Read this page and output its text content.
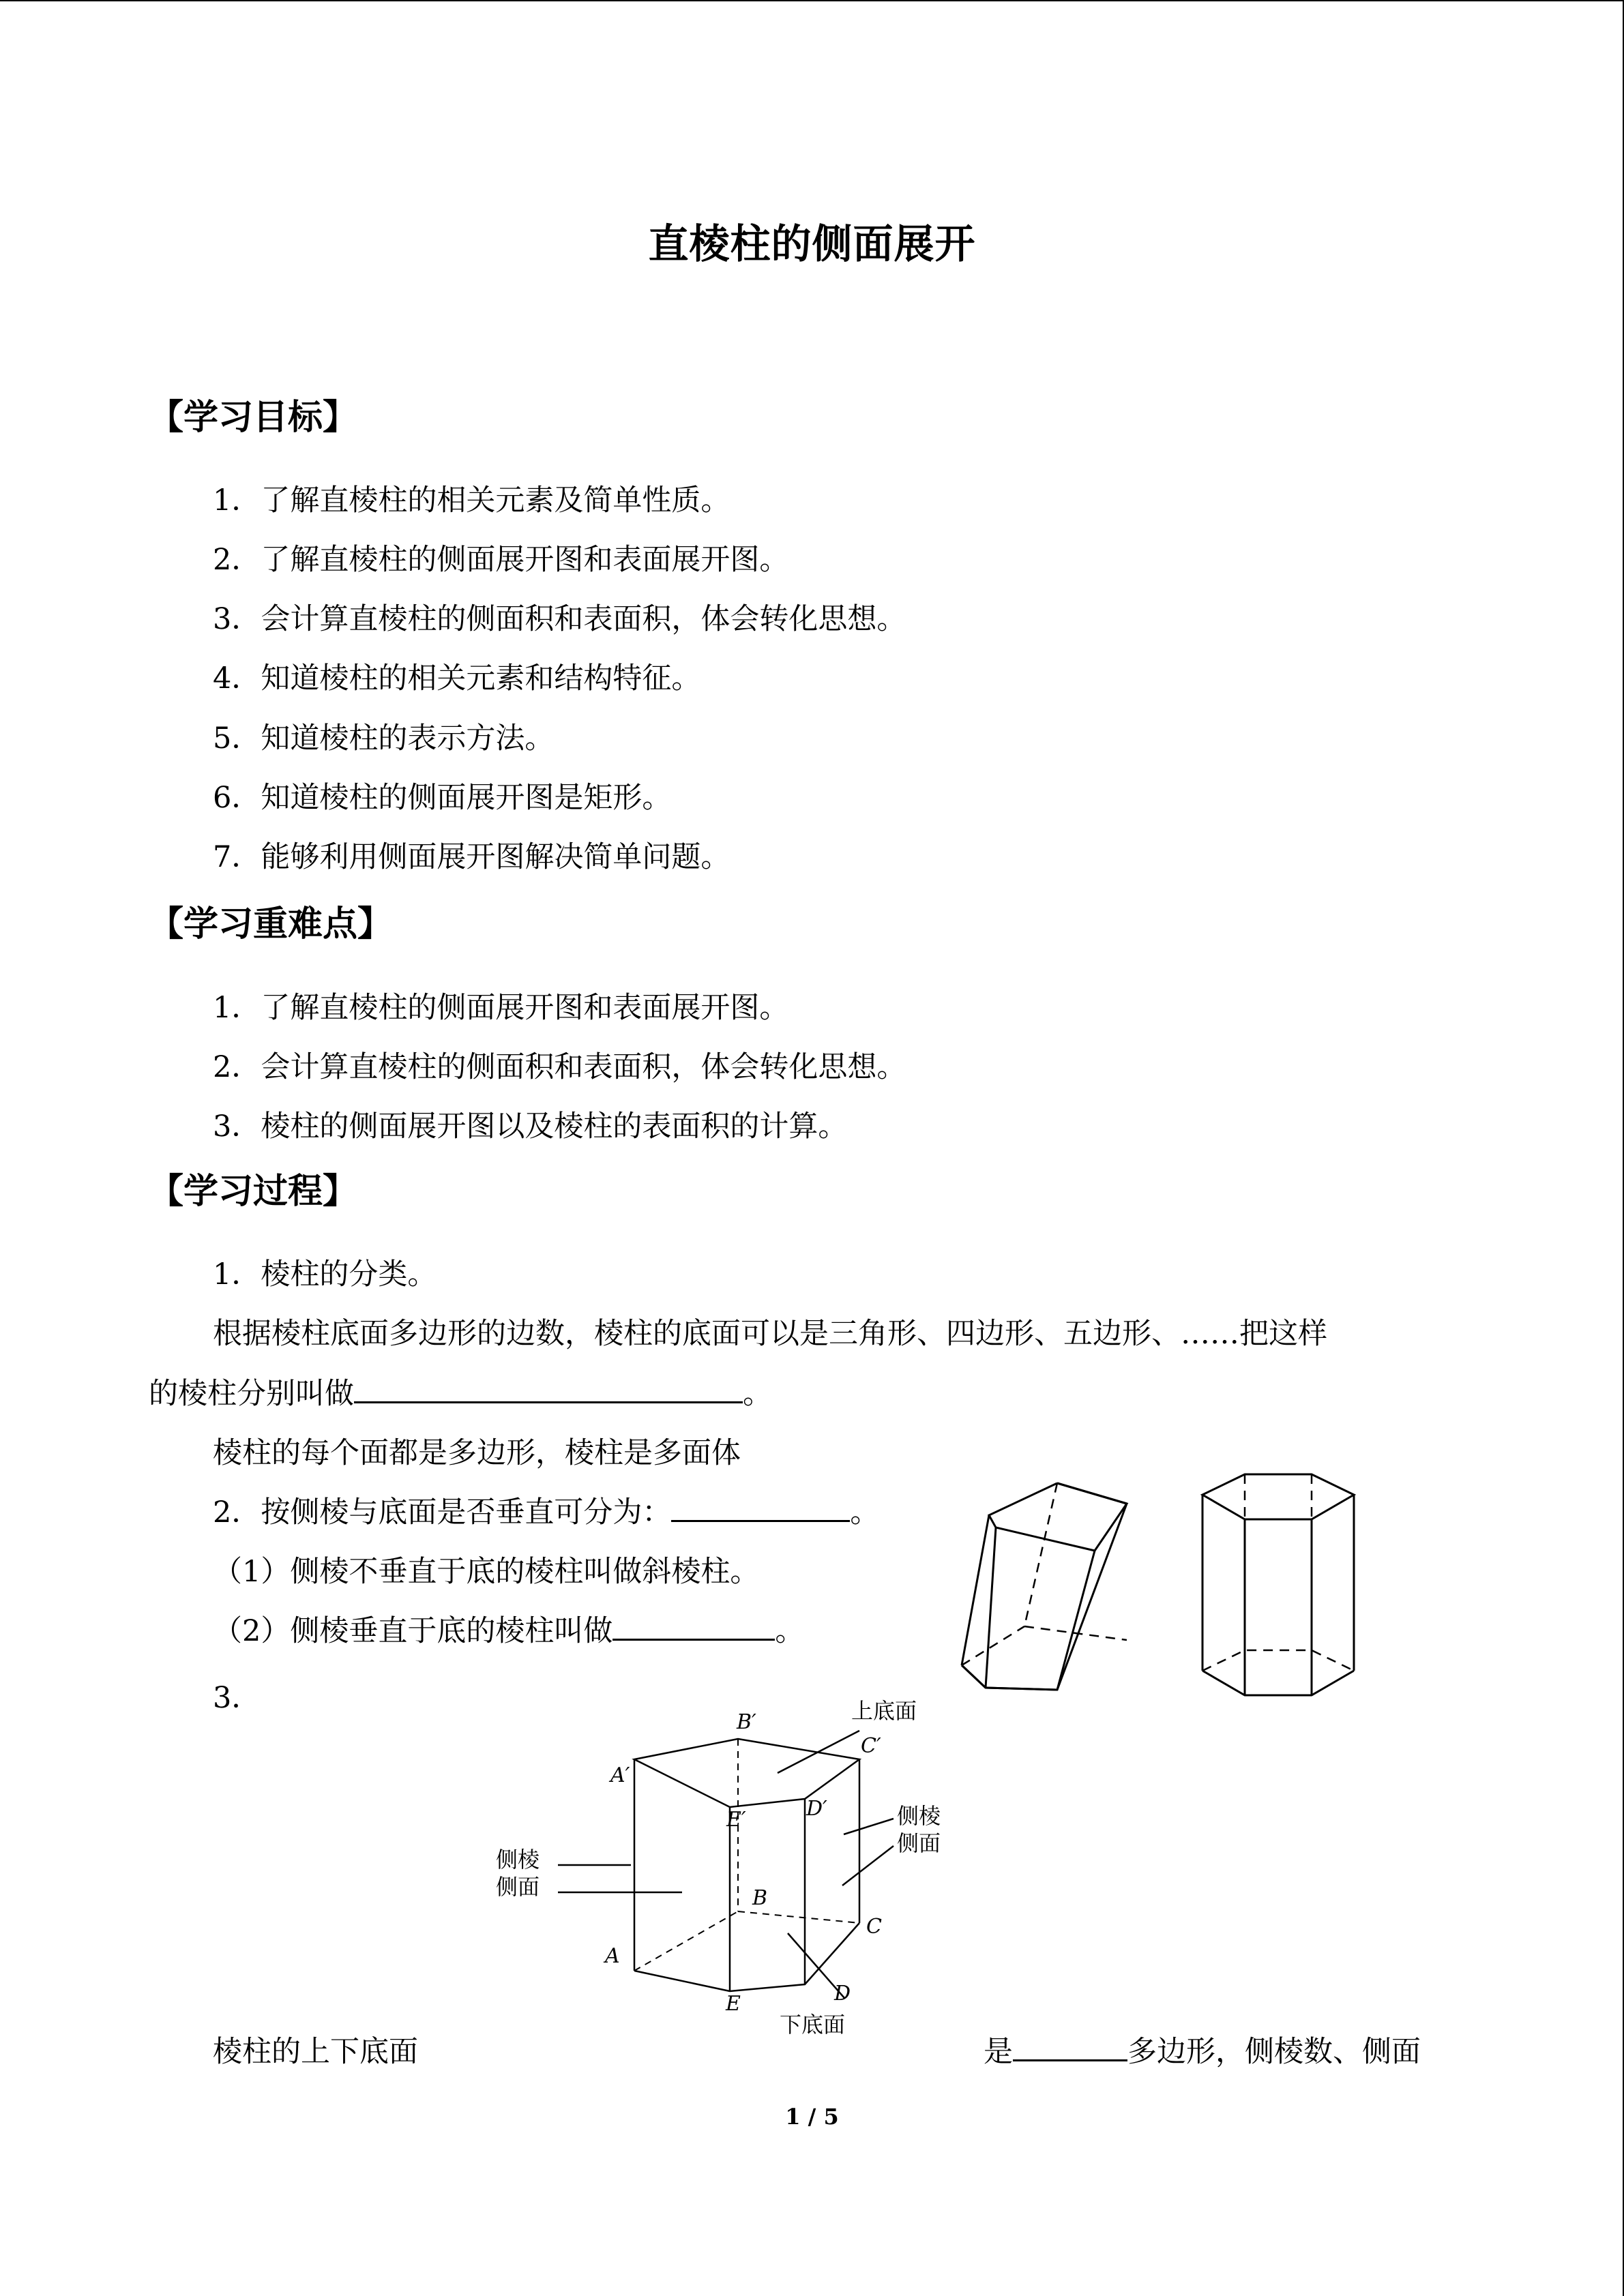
直棱柱的侧面展开
【学习目标】
1．了解直棱柱的相关元素及简单性质。
2．了解直棱柱的侧面展开图和表面展开图。
3．会计算直棱柱的侧面积和表面积，体会转化思想。
4．知道棱柱的相关元素和结构特征。
5．知道棱柱的表示方法。
6．知道棱柱的侧面展开图是矩形。
7．能够利用侧面展开图解决简单问题。
【学习重难点】
1．了解直棱柱的侧面展开图和表面展开图。
2．会计算直棱柱的侧面积和表面积，体会转化思想。
3．棱柱的侧面展开图以及棱柱的表面积的计算。
【学习过程】
1．棱柱的分类。
根据棱柱底面多边形的边数，棱柱的底面可以是三角形、四边形、五边形、……把这样
的棱柱分别叫做	。
棱柱的每个面都是多边形，棱柱是多面体
2．按侧棱与底面是否垂直可分为：	。
（1）侧棱不垂直于底的棱柱叫做斜棱柱。
（2）侧棱垂直于底的棱柱叫做	。
3．
B′
C′
A′
D′
E′
B
C
A
D
E
上底面
下底面
侧棱
侧面
侧棱
侧面
棱柱的上下底面	是	多边形，侧棱数、侧面
1 / 5
